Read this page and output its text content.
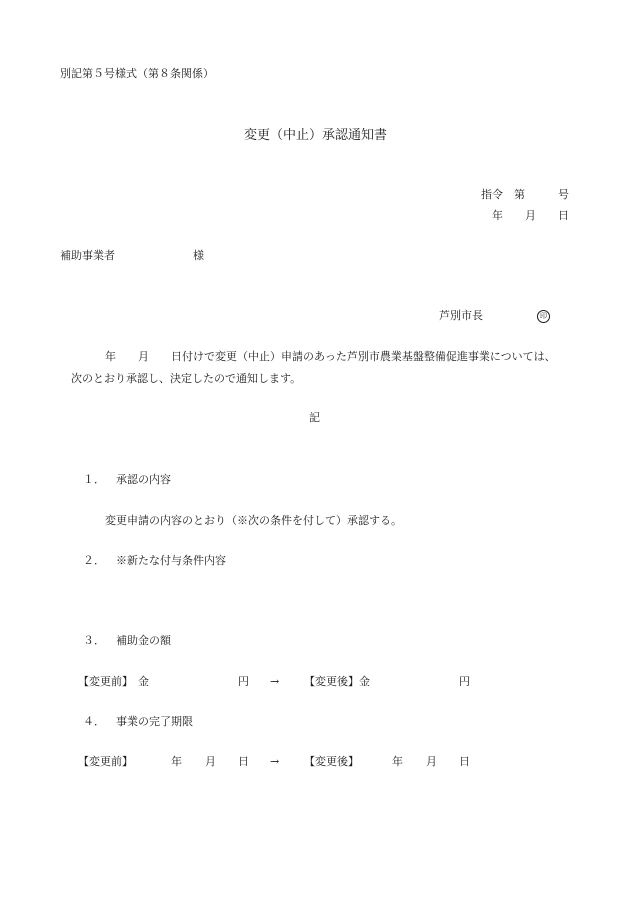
別記第５号様式（第８条関係）
変更（中止）承認通知書
指令 第	号
年 月 日
補助事業者	様
芦別市長	印
年 月 日付けで変更（中止）申請のあった芦別市農業基盤整備促進事業については、
次のとおり承認し、決定したので通知します。
記
１． 承認の内容
変更申請の内容のとおり（※次の条件を付して）承認する。
２． ※新たな付与条件内容
３． 補助金の額
【変更前】 金	円 → 【変更後】 金	円
４． 事業の完了期限
【変更前】	年 月 日 → 【変更後】	年 月 日
